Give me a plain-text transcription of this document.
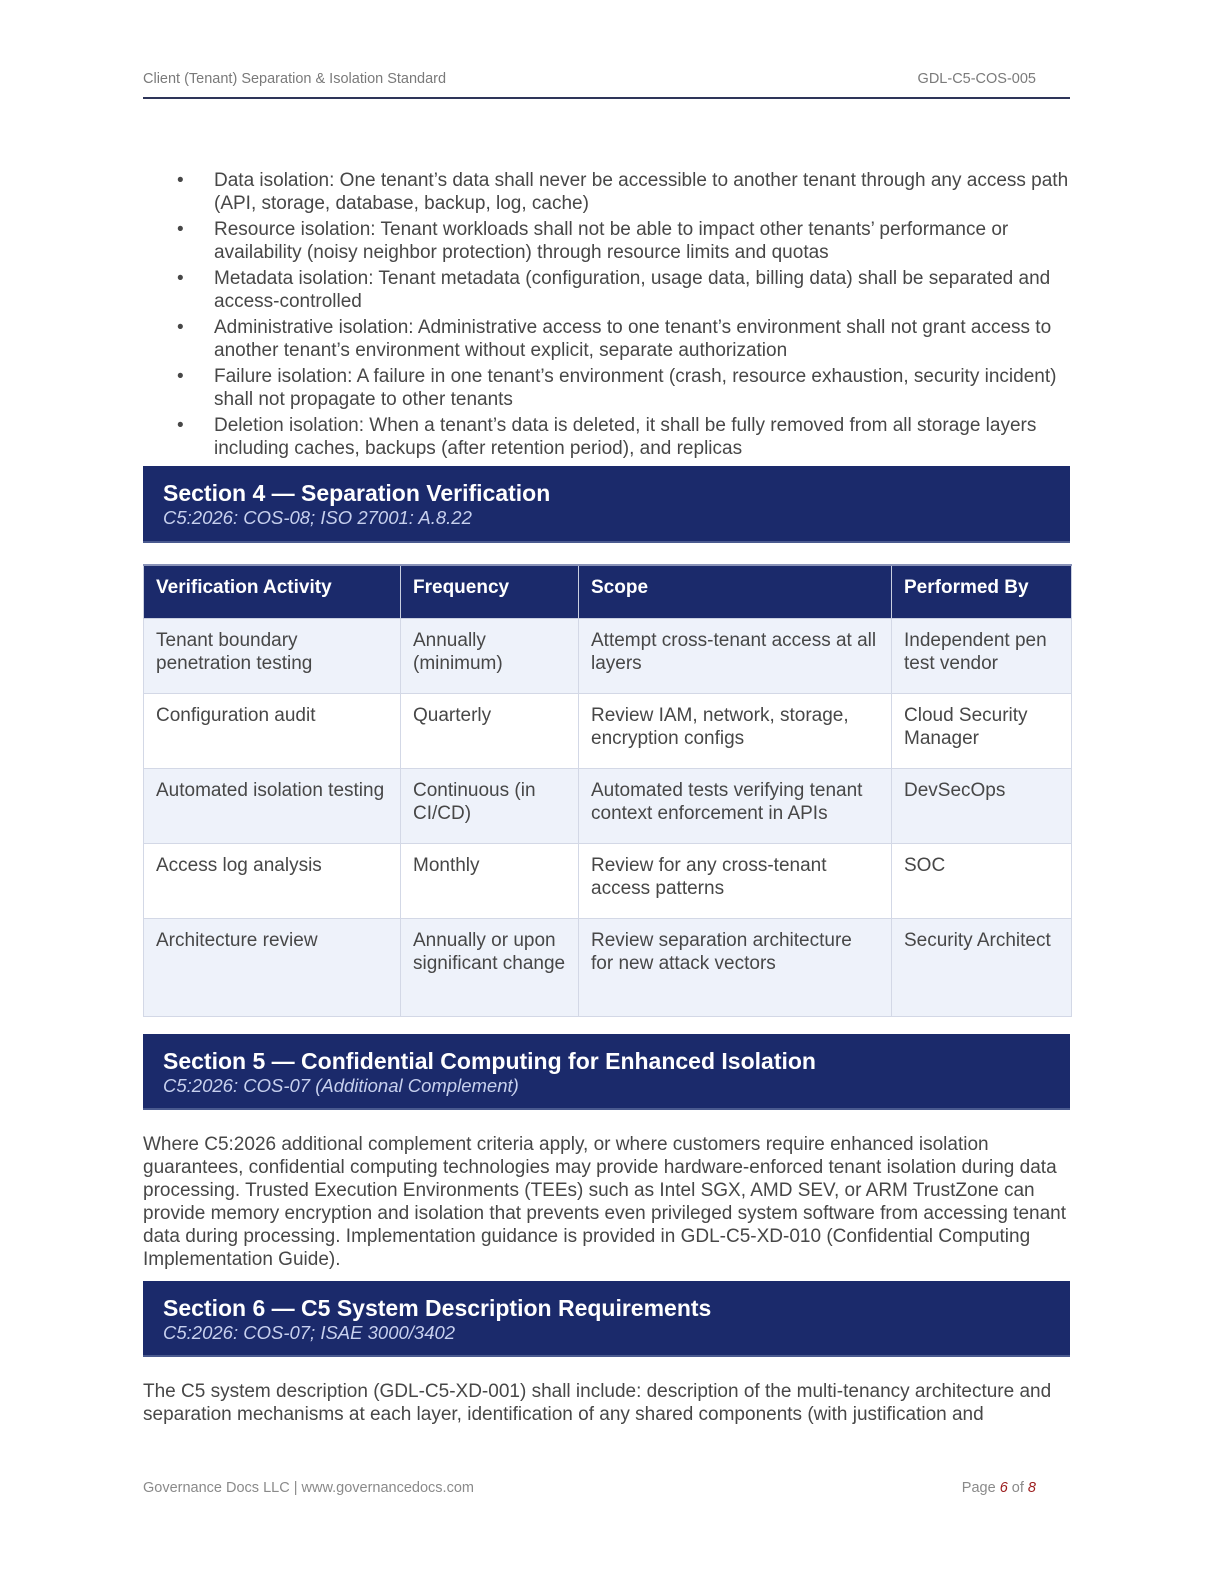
Client (Tenant) Separation & Isolation Standard	GDL-C5-COS-005
• Data isolation: One tenant’s data shall never be accessible to another tenant through any access path (API, storage, database, backup, log, cache)
• Resource isolation: Tenant workloads shall not be able to impact other tenants’ performance or availability (noisy neighbor protection) through resource limits and quotas
• Metadata isolation: Tenant metadata (configuration, usage data, billing data) shall be separated and access-controlled
• Administrative isolation: Administrative access to one tenant’s environment shall not grant access to another tenant’s environment without explicit, separate authorization
• Failure isolation: A failure in one tenant’s environment (crash, resource exhaustion, security incident) shall not propagate to other tenants
• Deletion isolation: When a tenant’s data is deleted, it shall be fully removed from all storage layers including caches, backups (after retention period), and replicas
Section 4 — Separation Verification
C5:2026: COS-08; ISO 27001: A.8.22
Verification Activity	Frequency	Scope	Performed By
Tenant boundary penetration testing	Annually (minimum)	Attempt cross-tenant access at all layers	Independent pen test vendor
Configuration audit	Quarterly	Review IAM, network, storage, encryption configs	Cloud Security Manager
Automated isolation testing	Continuous (in CI/CD)	Automated tests verifying tenant context enforcement in APIs	DevSecOps
Access log analysis	Monthly	Review for any cross-tenant access patterns	SOC
Architecture review	Annually or upon significant change	Review separation architecture for new attack vectors	Security Architect
Section 5 — Confidential Computing for Enhanced Isolation
C5:2026: COS-07 (Additional Complement)

Where C5:2026 additional complement criteria apply, or where customers require enhanced isolation guarantees, confidential computing technologies may provide hardware-enforced tenant isolation during data processing. Trusted Execution Environments (TEEs) such as Intel SGX, AMD SEV, or ARM TrustZone can provide memory encryption and isolation that prevents even privileged system software from accessing tenant data during processing. Implementation guidance is provided in GDL-C5-XD-010 (Confidential Computing Implementation Guide).

Section 6 — C5 System Description Requirements
C5:2026: COS-07; ISAE 3000/3402

The C5 system description (GDL-C5-XD-001) shall include: description of the multi-tenancy architecture and separation mechanisms at each layer, identification of any shared components (with justification and

Governance Docs LLC | www.governancedocs.com	Page 6 of 8
